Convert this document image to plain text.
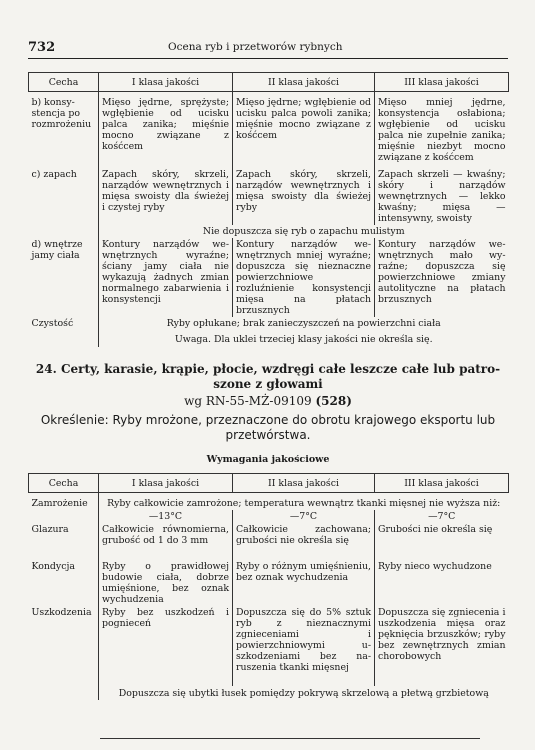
732	Ocena ryb i przetworów rybnych
Cecha	I klasa jakości	II klasa jakości	III klasa jakości
b) konsystencja po rozmrożeniu	Mięso jędrne, sprężyste; wgłębienie od ucisku palca zanika; mięśnie mocno związane z kośćcem	Mięso jędrne; wgłębienie od ucisku palca powoli zanika; mięśnie mocno związane z kośćcem	Mięso mniej jędrne, konsystencja osłabiona; wgłębienie od ucisku palca nie zupełnie zanika; mięśnie niezbyt mocno związane z kośćcem
c) zapach	Zapach skóry, skrzeli, narządów wewnętrznych i mięsa swoisty dla świeżej i czystej ryby	Zapach skóry, skrzeli, narządów wewnętrznych i mięsa swoisty dla świeżej ryby	Zapach skrzeli — kwaśny; skóry i narządów wewnętrznych — lekko kwaśny; mięsa — intensywny, swoisty
	Nie dopuszcza się ryb o zapachu mulistym		
d) wnętrze jamy ciała	Kontury narządów wewnętrznych wyraźne; ściany jamy ciała nie wykazują żadnych zmian normalnego zabarwienia i konsystencji	Kontury narządów wewnętrznych mniej wyraźne; dopuszcza się nieznaczne powierzchniowe rozluźnienie konsystencji mięsa na płatach brzusznych	Kontury narządów wewnętrznych mało wyraźne; dopuszcza się powierzchniowe zmiany autolityczne na płatach brzusznych
Czystość	Ryby opłukane; brak zanieczyszczeń na powierzchni ciała		
	Uwaga. Dla uklei trzeciej klasy jakości nie określa się.		
24. Certy, karasie, krąpie, płocie, wzdręgi całe leszcze całe lub patroszone z głowami
wg RN-55-MŻ-09109 (528)
Określenie: Ryby mrożone, przeznaczone do obrotu krajowego eksportu lub przetwórstwa.
Wymagania jakościowe
Cecha	I klasa jakości	II klasa jakości	III klasa jakości
Zamrożenie	Ryby całkowicie zamrożone; temperatura wewnątrz tkanki mięsnej nie wyższa niż:		
	—13°C	—7°C	—7°C
Glazura	Całkowicie równomierna, grubość od 1 do 3 mm	Całkowicie zachowana; grubości nie określa się	Grubości nie określa się
Kondycja	Ryby o prawidłowej budowie ciała, dobrze umięśnione, bez oznak wychudzenia	Ryby o różnym umięśnieniu, bez oznak wychudzenia	Ryby nieco wychudzone
Uszkodzenia	Ryby bez uszkodzeń i pognieceń	Dopuszcza się do 5% sztuk ryb z nieznacznymi zgnieceniami i powierzchniowymi uszkodzeniami bez naruszenia tkanki mięsnej	Dopuszcza się zgniecenia i uszkodzenia mięsa oraz pęknięcia brzuszków; ryby bez zewnętrznych zmian chorobowych
	Dopuszcza się ubytki łusek pomiędzy pokrywą skrzelową a płetwą grzbietową		
